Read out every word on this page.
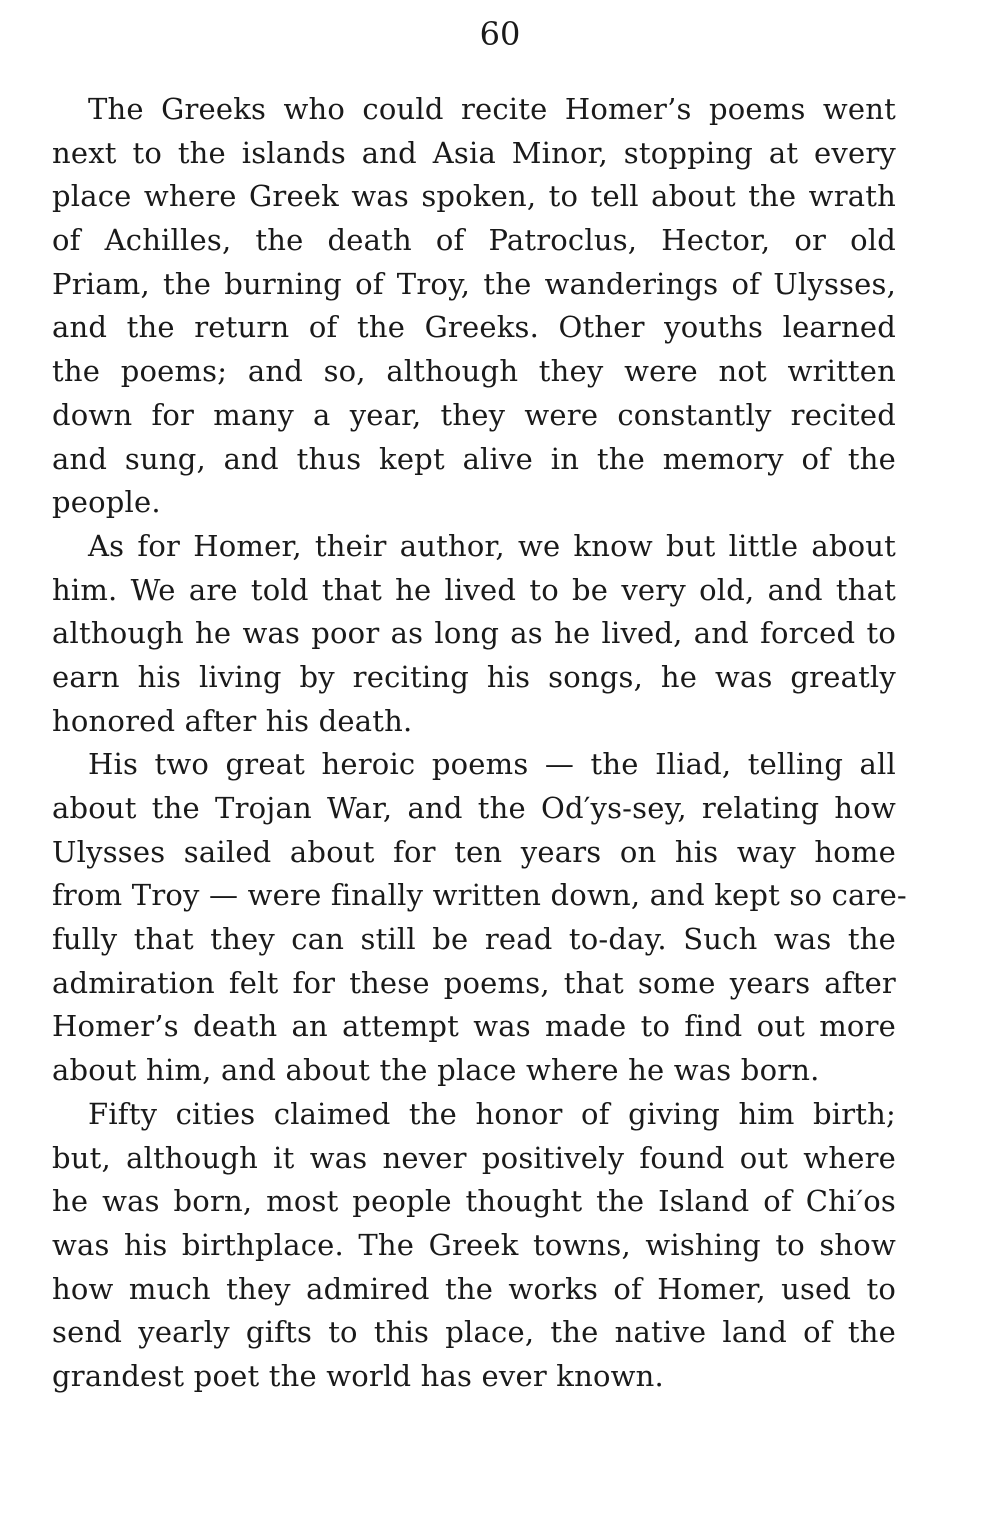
60
The Greeks who could recite Homer’s poems went
next to the islands and Asia Minor, stopping at every
place where Greek was spoken, to tell about the wrath
of Achilles, the death of Patroclus, Hector, or old
Priam, the burning of Troy, the wanderings of Ulysses,
and the return of the Greeks. Other youths learned
the poems; and so, although they were not written
down for many a year, they were constantly recited
and sung, and thus kept alive in the memory of the
people.
As for Homer, their author, we know but little about
him. We are told that he lived to be very old, and that
although he was poor as long as he lived, and forced to
earn his living by reciting his songs, he was greatly
honored after his death.
His two great heroic poems — the Iliad, telling all
about the Trojan War, and the Od′ys-sey, relating how
Ulysses sailed about for ten years on his way home
from Troy — were finally written down, and kept so care-
fully that they can still be read to-day. Such was the
admiration felt for these poems, that some years after
Homer’s death an attempt was made to find out more
about him, and about the place where he was born.
Fifty cities claimed the honor of giving him birth;
but, although it was never positively found out where
he was born, most people thought the Island of Chi′os
was his birthplace. The Greek towns, wishing to show
how much they admired the works of Homer, used to
send yearly gifts to this place, the native land of the
grandest poet the world has ever known.
